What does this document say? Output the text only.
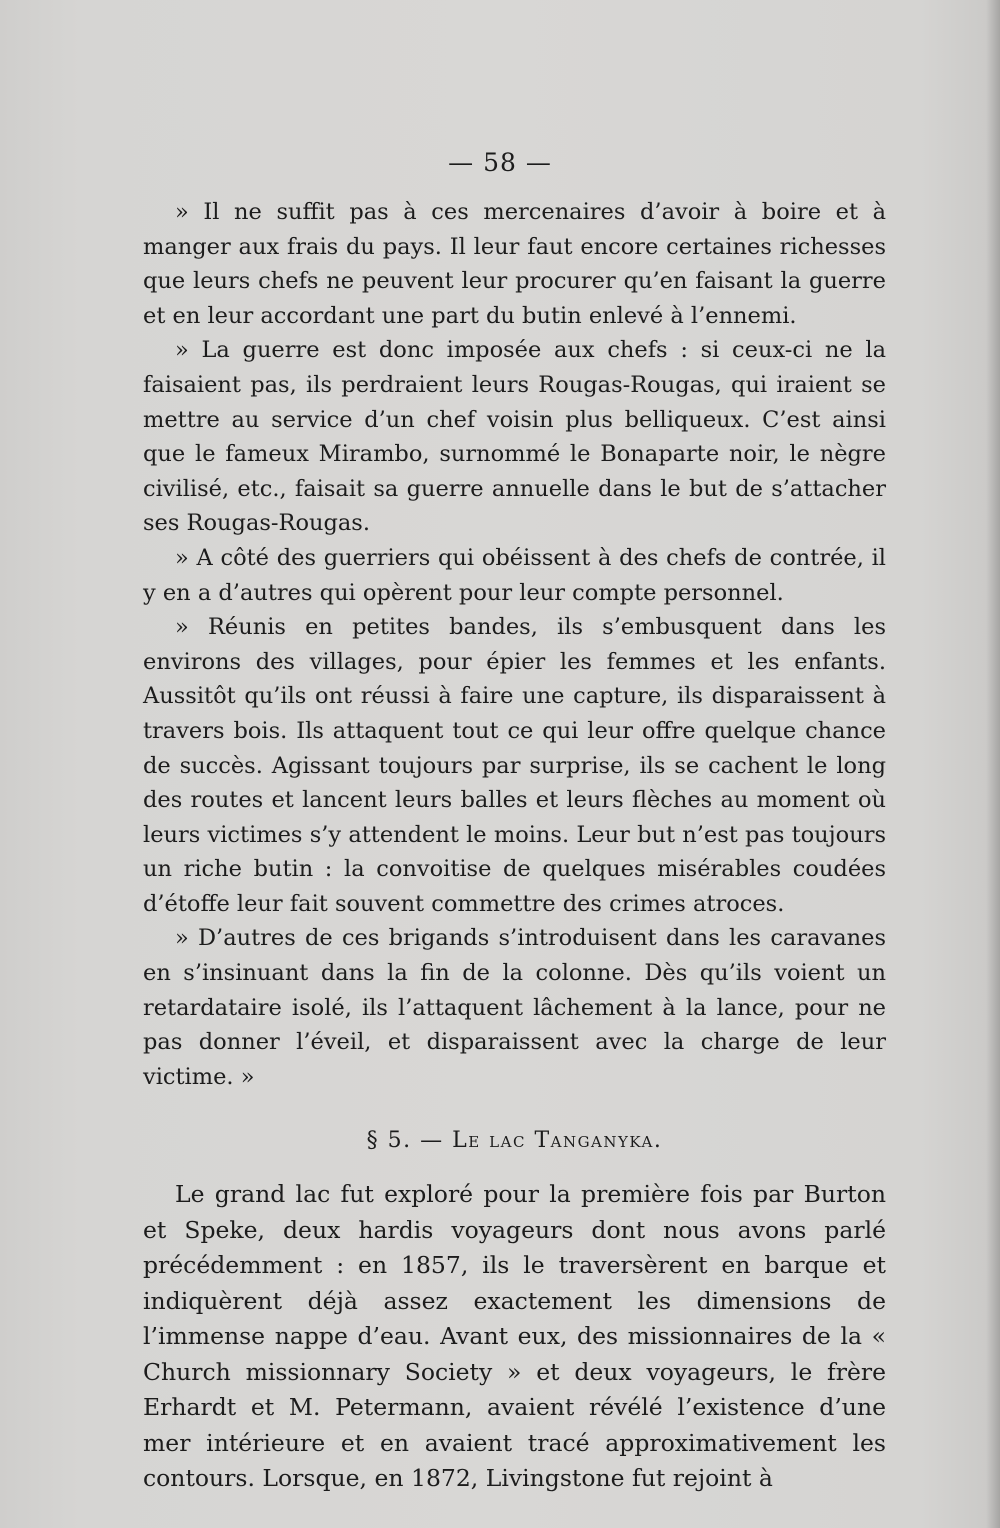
— 58 —

» Il ne suffit pas à ces mercenaires d’avoir à boire et à manger aux frais du pays. Il leur faut encore certaines richesses que leurs chefs ne peuvent leur procurer qu’en faisant la guerre et en leur accordant une part du butin enlevé à l’ennemi.

» La guerre est donc imposée aux chefs : si ceux-ci ne la faisaient pas, ils perdraient leurs Rougas-Rougas, qui iraient se mettre au service d’un chef voisin plus belliqueux. C’est ainsi que le fameux Mirambo, surnommé le Bonaparte noir, le nègre civilisé, etc., faisait sa guerre annuelle dans le but de s’attacher ses Rougas-Rougas.

» A côté des guerriers qui obéissent à des chefs de contrée, il y en a d’autres qui opèrent pour leur compte personnel.

» Réunis en petites bandes, ils s’embusquent dans les environs des villages, pour épier les femmes et les enfants. Aussitôt qu’ils ont réussi à faire une capture, ils disparaissent à travers bois. Ils attaquent tout ce qui leur offre quelque chance de succès. Agissant toujours par surprise, ils se cachent le long des routes et lancent leurs balles et leurs flèches au moment où leurs victimes s’y attendent le moins. Leur but n’est pas toujours un riche butin : la convoitise de quelques misérables coudées d’étoffe leur fait souvent commettre des crimes atroces.

» D’autres de ces brigands s’introduisent dans les caravanes en s’insinuant dans la fin de la colonne. Dès qu’ils voient un retardataire isolé, ils l’attaquent lâchement à la lance, pour ne pas donner l’éveil, et disparaissent avec la charge de leur victime. »

§ 5. — Le lac Tanganyka.

Le grand lac fut exploré pour la première fois par Burton et Speke, deux hardis voyageurs dont nous avons parlé précédemment : en 1857, ils le traversèrent en barque et indiquèrent déjà assez exactement les dimensions de l’immense nappe d’eau. Avant eux, des missionnaires de la « Church missionnary Society » et deux voyageurs, le frère Erhardt et M. Petermann, avaient révélé l’existence d’une mer intérieure et en avaient tracé approximativement les contours. Lorsque, en 1872, Livingstone fut rejoint à
